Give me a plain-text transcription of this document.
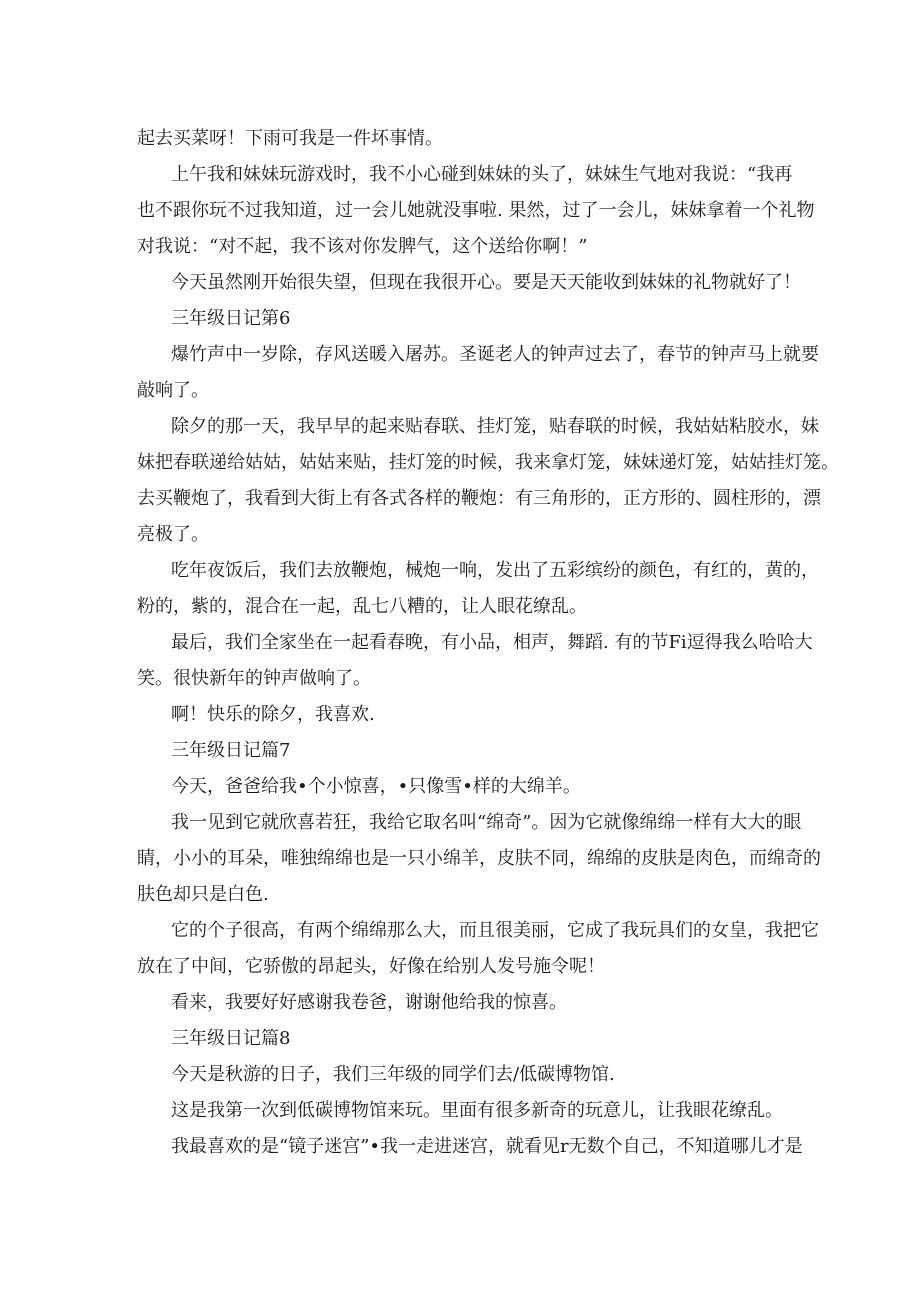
起去买菜呀！下雨可我是一件坏事情。
上午我和妹妹玩游戏时，我不小心碰到妹妹的头了，妹妹生气地对我说：“我再
也不跟你玩不过我知道，过一会儿她就没事啦. 果然，过了一会儿，妹妹拿着一个礼物
对我说：“对不起，我不该对你发脾气，这个送给你啊！”
今天虽然刚开始很失望，但现在我很开心。要是天天能收到妹妹的礼物就好了！
三年级日记第6
爆竹声中一岁除，存风送暖入屠苏。圣诞老人的钟声过去了，春节的钟声马上就要
敲响了。
除夕的那一天，我早早的起来贴春联、挂灯笼，贴春联的时候，我姑姑粘胶水，妹
妹把春联递给姑姑，姑姑来贴，挂灯笼的时候，我来拿灯笼，妹妹递灯笼，姑姑挂灯笼。
去买鞭炮了，我看到大街上有各式各样的鞭炮：有三角形的，正方形的、圆柱形的，漂
亮极了。
吃年夜饭后，我们去放鞭炮，械炮一响，发出了五彩缤纷的颜色，有红的，黄的，
粉的，紫的，混合在一起，乱七八糟的，让人眼花缭乱。
最后，我们全家坐在一起看春晚，有小品，相声，舞蹈. 有的节Fi逗得我么哈哈大
笑。很快新年的钟声做响了。
啊！快乐的除夕，我喜欢.
三年级日记篇7
今天，爸爸给我•个小惊喜，•只像雪•样的大绵羊。
我一见到它就欣喜若狂，我给它取名叫“绵奇”。因为它就像绵绵一样有大大的眼
睛，小小的耳朵，唯独绵绵也是一只小绵羊，皮肤不同，绵绵的皮肤是肉色，而绵奇的
肤色却只是白色.
它的个子很高，有两个绵绵那么大，而且很美丽，它成了我玩具们的女皇，我把它
放在了中间，它骄傲的昂起头，好像在给别人发号施令呢！
看来，我要好好感谢我卷爸，谢谢他给我的惊喜。
三年级日记篇8
今天是秋游的日子，我们三年级的同学们去/低碳博物馆.
这是我第一次到低碳博物馆来玩。里面有很多新奇的玩意儿，让我眼花缭乱。
我最喜欢的是“镜子迷宫”•我一走进迷宫，就看见r无数个自己，不知道哪儿才是
